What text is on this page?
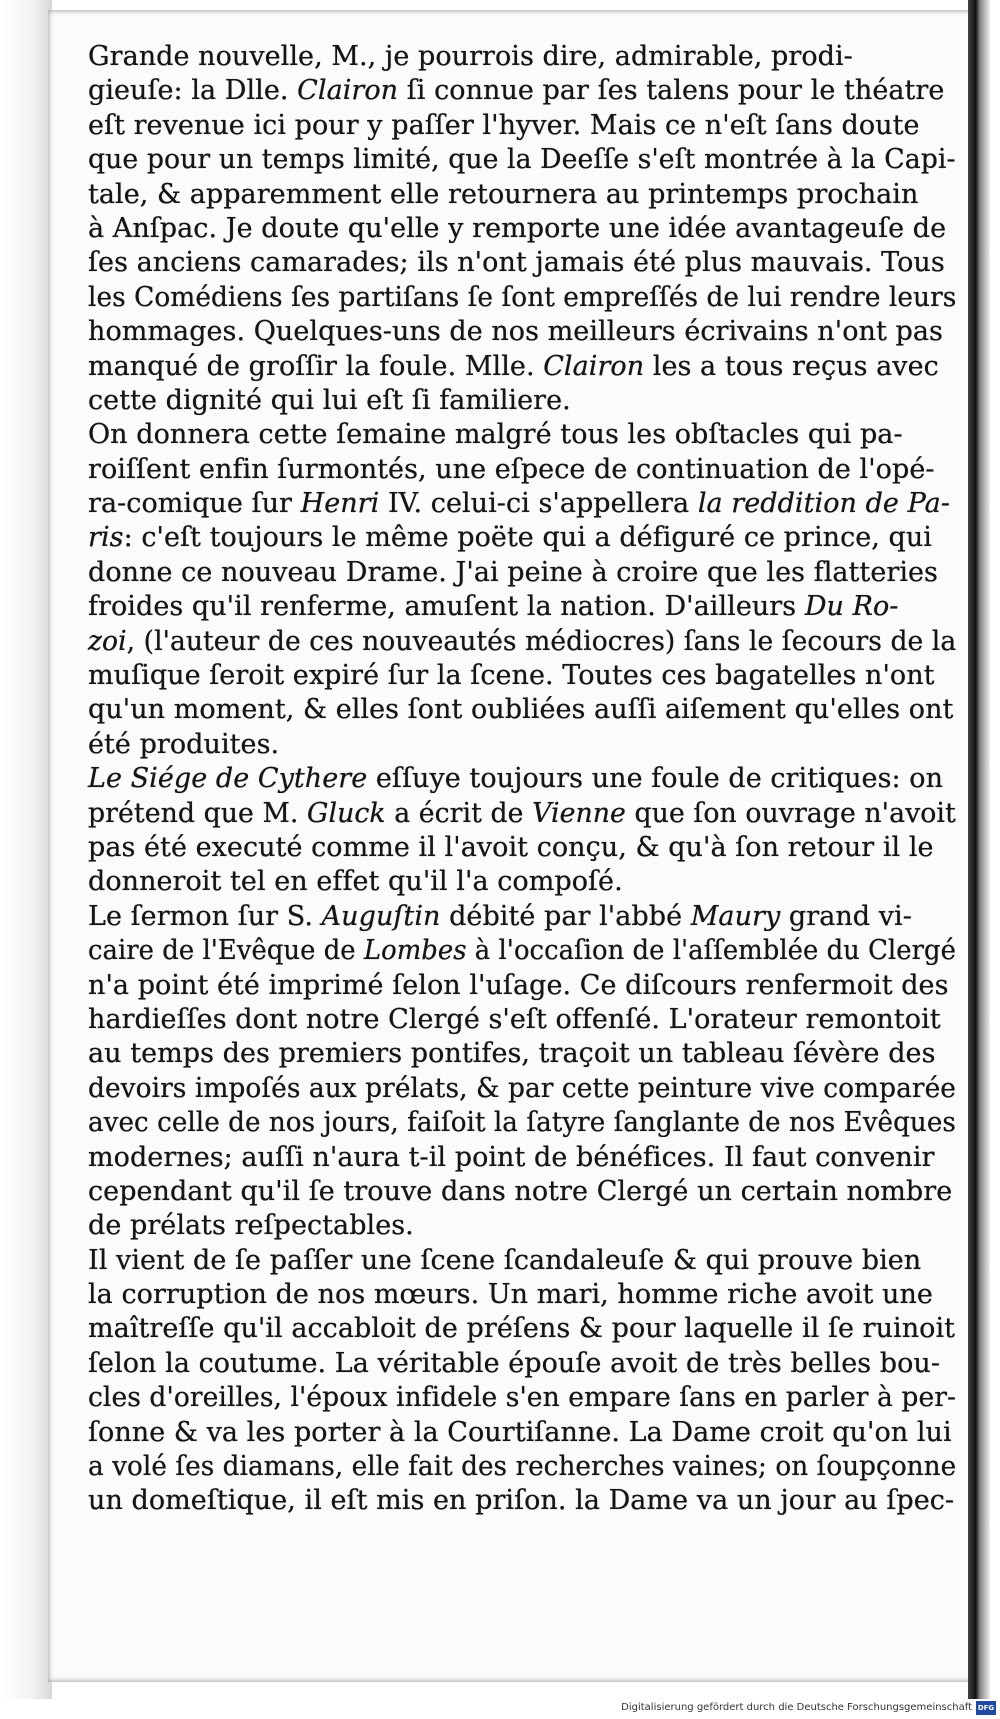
Grande nouvelle, M., je pourrois dire, admirable, prodi-
gieuſe: la Dlle. Clairon ſi connue par ſes talens pour le théatre
eſt revenue ici pour y paſſer l'hyver. Mais ce n'eſt ſans doute
que pour un temps limité, que la Deeſſe s'eſt montrée à la Capi-
tale, & apparemment elle retournera au printemps prochain
à Anſpac. Je doute qu'elle y remporte une idée avantageuſe de
ſes anciens camarades; ils n'ont jamais été plus mauvais. Tous
les Comédiens ſes partiſans ſe ſont empreſſés de lui rendre leurs
hommages. Quelques-uns de nos meilleurs écrivains n'ont pas
manqué de groſſir la foule. Mlle. Clairon les a tous reçus avec
cette dignité qui lui eſt ſi familiere.
On donnera cette ſemaine malgré tous les obſtacles qui pa-
roiſſent enfin ſurmontés, une eſpece de continuation de l'opé-
ra-comique ſur Henri IV. celui-ci s'appellera la reddition de Pa-
ris: c'eſt toujours le même poëte qui a défiguré ce prince, qui
donne ce nouveau Drame. J'ai peine à croire que les flatteries
froides qu'il renferme, amuſent la nation. D'ailleurs Du Ro-
zoi, (l'auteur de ces nouveautés médiocres) ſans le ſecours de la
muſique ſeroit expiré ſur la ſcene. Toutes ces bagatelles n'ont
qu'un moment, & elles ſont oubliées auſſi aiſement qu'elles ont
été produites.
Le Siége de Cythere eſſuye toujours une foule de critiques: on
prétend que M. Gluck a écrit de Vienne que ſon ouvrage n'avoit
pas été executé comme il l'avoit conçu, & qu'à ſon retour il le
donneroit tel en effet qu'il l'a compoſé.
Le ſermon ſur S. Auguſtin débité par l'abbé Maury grand vi-
caire de l'Evêque de Lombes à l'occaſion de l'aſſemblée du Clergé
n'a point été imprimé ſelon l'uſage. Ce diſcours renfermoit des
hardieſſes dont notre Clergé s'eſt offenſé. L'orateur remontoit
au temps des premiers pontifes, traçoit un tableau ſévère des
devoirs impoſés aux prélats, & par cette peinture vive comparée
avec celle de nos jours, faiſoit la ſatyre ſanglante de nos Evêques
modernes; auſſi n'aura t-il point de bénéfices. Il faut convenir
cependant qu'il ſe trouve dans notre Clergé un certain nombre
de prélats reſpectables.
Il vient de ſe paſſer une ſcene ſcandaleuſe & qui prouve bien
la corruption de nos mœurs. Un mari, homme riche avoit une
maîtreſſe qu'il accabloit de préſens & pour laquelle il ſe ruinoit
ſelon la coutume. La véritable épouſe avoit de très belles bou-
cles d'oreilles, l'époux infidele s'en empare ſans en parler à per-
ſonne & va les porter à la Courtiſanne. La Dame croit qu'on lui
a volé ſes diamans, elle fait des recherches vaines; on ſoupçonne
un domeſtique, il eſt mis en priſon. la Dame va un jour au ſpec-
Digitalisierung gefördert durch die Deutsche Forschungsgemeinschaft DFG
